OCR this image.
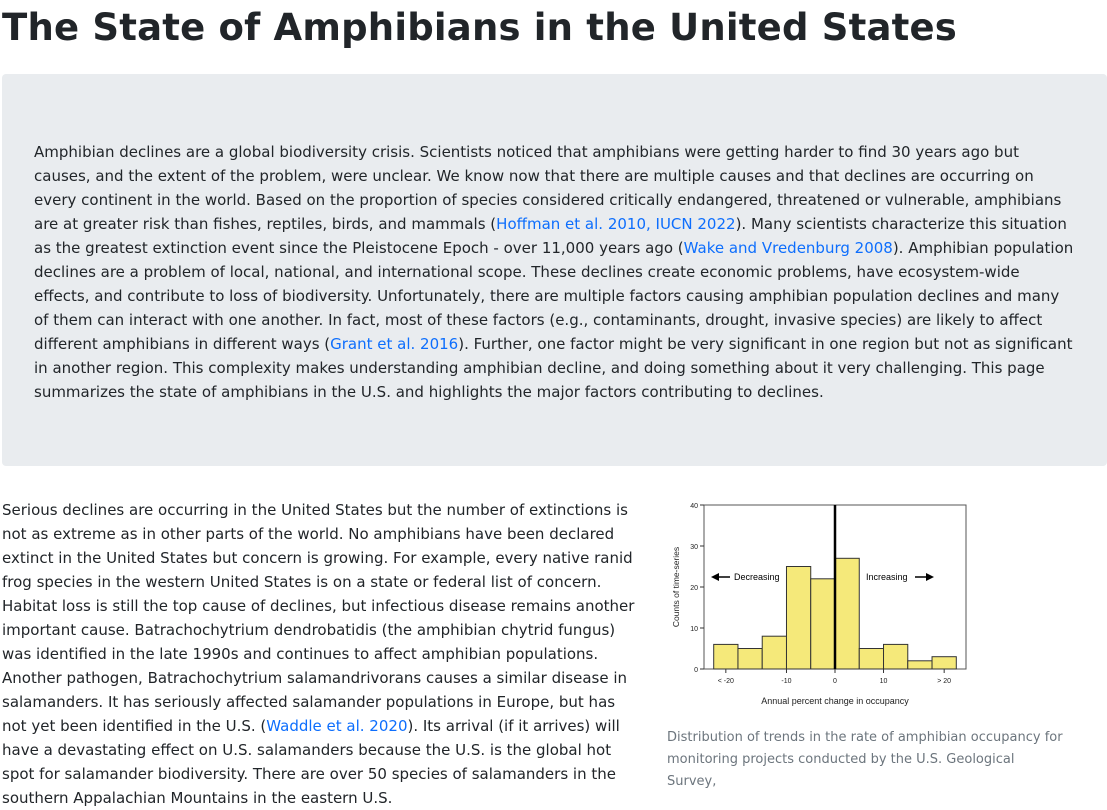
The State of Amphibians in the United States

Amphibian declines are a global biodiversity crisis. Scientists noticed that amphibians were getting harder to find 30 years ago but causes, and the extent of the problem, were unclear. We know now that there are multiple causes and that declines are occurring on every continent in the world. Based on the proportion of species considered critically endangered, threatened or vulnerable, amphibians are at greater risk than fishes, reptiles, birds, and mammals (Hoffman et al. 2010, IUCN 2022). Many scientists characterize this situation as the greatest extinction event since the Pleistocene Epoch - over 11,000 years ago (Wake and Vredenburg 2008). Amphibian population declines are a problem of local, national, and international scope. These declines create economic problems, have ecosystem-wide effects, and contribute to loss of biodiversity. Unfortunately, there are multiple factors causing amphibian population declines and many of them can interact with one another. In fact, most of these factors (e.g., contaminants, drought, invasive species) are likely to affect different amphibians in different ways (Grant et al. 2016). Further, one factor might be very significant in one region but not as significant in another region. This complexity makes understanding amphibian decline, and doing something about it very challenging. This page summarizes the state of amphibians in the U.S. and highlights the major factors contributing to declines.

Serious declines are occurring in the United States but the number of extinctions is not as extreme as in other parts of the world. No amphibians have been declared extinct in the United States but concern is growing. For example, every native ranid frog species in the western United States is on a state or federal list of concern. Habitat loss is still the top cause of declines, but infectious disease remains another important cause. Batrachochytrium dendrobatidis (the amphibian chytrid fungus) was identified in the late 1990s and continues to affect amphibian populations. Another pathogen, Batrachochytrium salamandrivorans causes a similar disease in salamanders. It has seriously affected salamander populations in Europe, but has not yet been identified in the U.S. (Waddle et al. 2020). Its arrival (if it arrives) will have a devastating effect on U.S. salamanders because the U.S. is the global hot spot for salamander biodiversity. There are over 50 species of salamanders in the southern Appalachian Mountains in the eastern U.S.

Counts of time-series
Annual percent change in occupancy
0
10
20
30
40
< -20	-10	0	10	> 20
Decreasing	Increasing
Distribution of trends in the rate of amphibian occupancy for monitoring projects conducted by the U.S. Geological Survey,
